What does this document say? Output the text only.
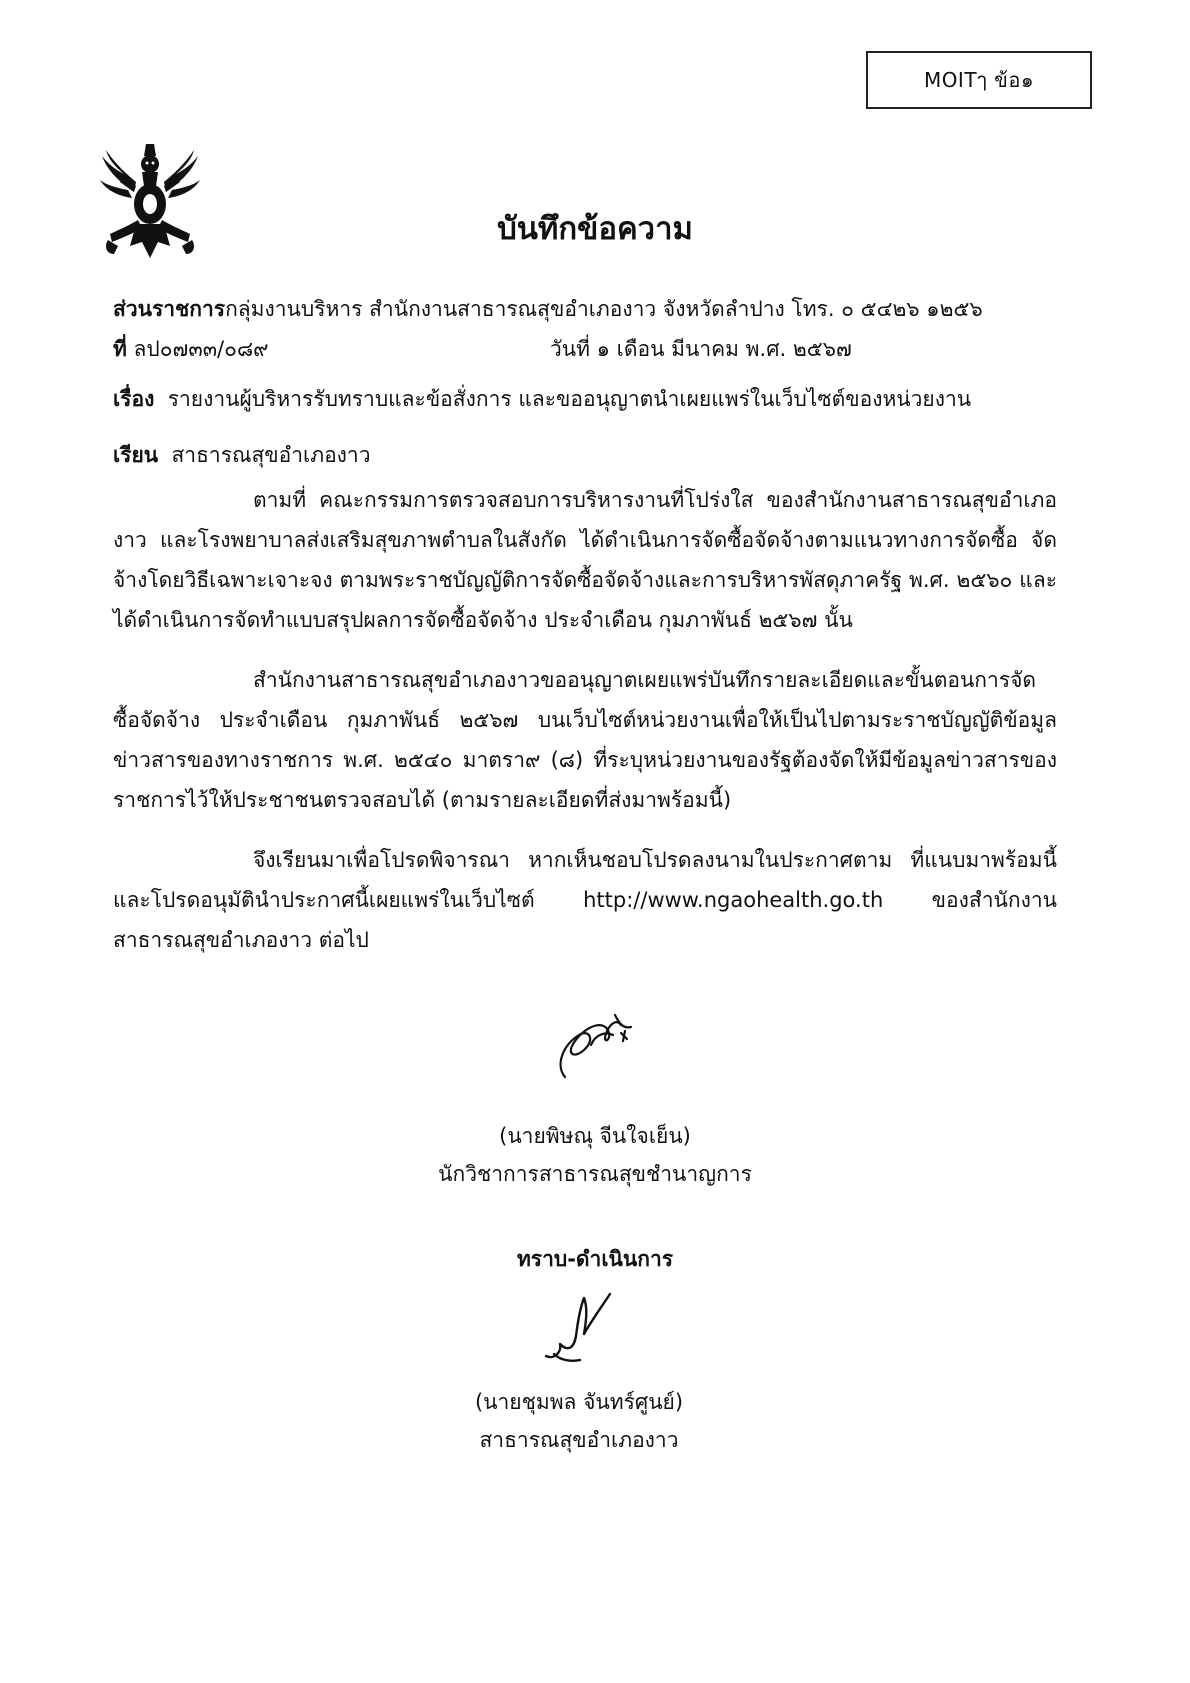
MOITๅ ข้อ๑
บันทึกข้อความ
ส่วนราชการกลุ่มงานบริหาร สำนักงานสาธารณสุขอำเภองาว จังหวัดลำปาง โทร. ๐ ๕๔๒๖ ๑๒๕๖
ที่ ลป๐๗๓๓/๐๘๙	วันที่ ๑ เดือน มีนาคม พ.ศ. ๒๕๖๗
เรื่อง รายงานผู้บริหารรับทราบและข้อสั่งการ และขออนุญาตนำเผยแพร่ในเว็บไซต์ของหน่วยงาน
เรียน สาธารณสุขอำเภองาว
ตามที่ คณะกรรมการตรวจสอบการบริหารงานที่โปร่งใส ของสำนักงานสาธารณสุขอำเภองาว และโรงพยาบาลส่งเสริมสุขภาพตำบลในสังกัด ได้ดำเนินการจัดซื้อจัดจ้างตามแนวทางการจัดซื้อ จัดจ้างโดยวิธีเฉพาะเจาะจง ตามพระราชบัญญัติการจัดซื้อจัดจ้างและการบริหารพัสดุภาครัฐ พ.ศ. ๒๕๖๐ และ ได้ดำเนินการจัดทำแบบสรุปผลการจัดซื้อจัดจ้าง ประจำเดือน กุมภาพันธ์ ๒๕๖๗ นั้น
สำนักงานสาธารณสุขอำเภองาวขออนุญาตเผยแพร่บันทึกรายละเอียดและขั้นตอนการจัดซื้อจัดจ้าง ประจำเดือน กุมภาพันธ์ ๒๕๖๗ บนเว็บไซต์หน่วยงานเพื่อให้เป็นไปตามระราชบัญญัติข้อมูลข่าวสารของทางราชการ พ.ศ. ๒๕๔๐ มาตรา๙ (๘) ที่ระบุหน่วยงานของรัฐต้องจัดให้มีข้อมูลข่าวสารของราชการไว้ให้ประชาชนตรวจสอบได้ (ตามรายละเอียดที่ส่งมาพร้อมนี้)
จึงเรียนมาเพื่อโปรดพิจารณา หากเห็นชอบโปรดลงนามในประกาศตาม ที่แนบมาพร้อมนี้ และโปรดอนุมัตินำประกาศนี้เผยแพร่ในเว็บไซต์ http://www.ngaohealth.go.th ของสำนักงานสาธารณสุขอำเภองาว ต่อไป
(นายพิษณุ จีนใจเย็น)
นักวิชาการสาธารณสุขชำนาญการ
ทราบ-ดำเนินการ
(นายชุมพล จันทร์ศูนย์)
สาธารณสุขอำเภองาว
